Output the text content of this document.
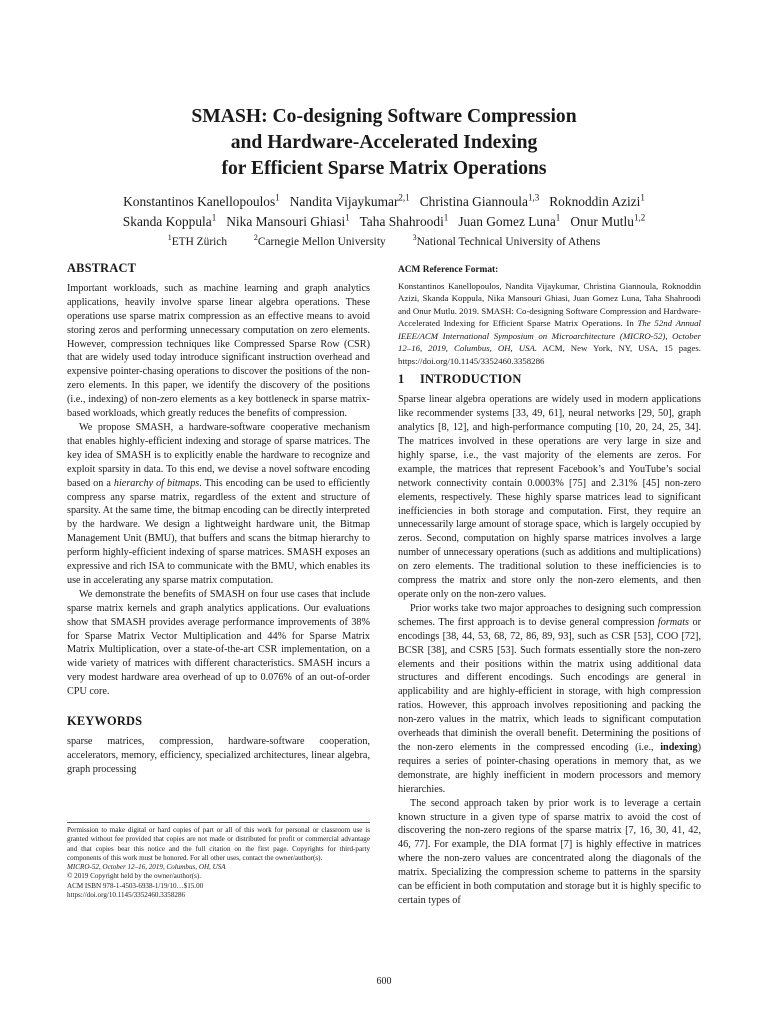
SMASH: Co-designing Software Compression
and Hardware-Accelerated Indexing
for Efficient Sparse Matrix Operations
Konstantinos Kanellopoulos$^1$ Nandita Vijaykumar$^{2,1}$ Christina Giannoula$^{1,3}$ Roknoddin Azizi$^1$
Skanda Koppula$^1$ Nika Mansouri Ghiasi$^1$ Taha Shahroodi$^1$ Juan Gomez Luna$^1$ Onur Mutlu$^{1,2}$
$^1$ETH Zürich	$^2$Carnegie Mellon University	$^3$National Technical University of Athens
ABSTRACT
Important workloads, such as machine learning and graph analytics applications, heavily involve sparse linear algebra operations. These operations use sparse matrix compression as an effective means to avoid storing zeros and performing unnecessary computation on zero elements. However, compression techniques like Compressed Sparse Row (CSR) that are widely used today introduce significant instruction overhead and expensive pointer-chasing operations to discover the positions of the non-zero elements. In this paper, we identify the discovery of the positions (i.e., indexing) of non-zero elements as a key bottleneck in sparse matrix-based workloads, which greatly reduces the benefits of compression.
We propose SMASH, a hardware-software cooperative mechanism that enables highly-efficient indexing and storage of sparse matrices. The key idea of SMASH is to explicitly enable the hardware to recognize and exploit sparsity in data. To this end, we devise a novel software encoding based on a hierarchy of bitmaps. This encoding can be used to efficiently compress any sparse matrix, regardless of the extent and structure of sparsity. At the same time, the bitmap encoding can be directly interpreted by the hardware. We design a lightweight hardware unit, the Bitmap Management Unit (BMU), that buffers and scans the bitmap hierarchy to perform highly-efficient indexing of sparse matrices. SMASH exposes an expressive and rich ISA to communicate with the BMU, which enables its use in accelerating any sparse matrix computation.
We demonstrate the benefits of SMASH on four use cases that include sparse matrix kernels and graph analytics applications. Our evaluations show that SMASH provides average performance improvements of 38% for Sparse Matrix Vector Multiplication and 44% for Sparse Matrix Matrix Multiplication, over a state-of-the-art CSR implementation, on a wide variety of matrices with different characteristics. SMASH incurs a very modest hardware area overhead of up to 0.076% of an out-of-order CPU core.
KEYWORDS
sparse matrices, compression, hardware-software cooperation, accelerators, memory, efficiency, specialized architectures, linear algebra, graph processing
Permission to make digital or hard copies of part or all of this work for personal or classroom use is granted without fee provided that copies are not made or distributed for profit or commercial advantage and that copies bear this notice and the full citation on the first page. Copyrights for third-party components of this work must be honored. For all other uses, contact the owner/author(s).
MICRO-52, October 12–16, 2019, Columbus, OH, USA
© 2019 Copyright held by the owner/author(s).
ACM ISBN 978-1-4503-6938-1/19/10…$15.00
https://doi.org/10.1145/3352460.3358286
ACM Reference Format:
Konstantinos Kanellopoulos, Nandita Vijaykumar, Christina Giannoula, Roknoddin Azizi, Skanda Koppula, Nika Mansouri Ghiasi, Juan Gomez Luna, Taha Shahroodi and Onur Mutlu. 2019. SMASH: Co-designing Software Compression and Hardware-Accelerated Indexing for Efficient Sparse Matrix Operations. In The 52nd Annual IEEE/ACM International Symposium on Microarchitecture (MICRO-52), October 12–16, 2019, Columbus, OH, USA. ACM, New York, NY, USA, 15 pages. https://doi.org/10.1145/3352460.3358286
1 INTRODUCTION
Sparse linear algebra operations are widely used in modern applications like recommender systems [33, 49, 61], neural networks [29, 50], graph analytics [8, 12], and high-performance computing [10, 20, 24, 25, 34]. The matrices involved in these operations are very large in size and highly sparse, i.e., the vast majority of the elements are zeros. For example, the matrices that represent Facebook’s and YouTube’s social network connectivity contain 0.0003% [75] and 2.31% [45] non-zero elements, respectively. These highly sparse matrices lead to significant inefficiencies in both storage and computation. First, they require an unnecessarily large amount of storage space, which is largely occupied by zeros. Second, computation on highly sparse matrices involves a large number of unnecessary operations (such as additions and multiplications) on zero elements. The traditional solution to these inefficiencies is to compress the matrix and store only the non-zero elements, and then operate only on the non-zero values.
Prior works take two major approaches to designing such compression schemes. The first approach is to devise general compression formats or encodings [38, 44, 53, 68, 72, 86, 89, 93], such as CSR [53], COO [72], BCSR [38], and CSR5 [53]. Such formats essentially store the non-zero elements and their positions within the matrix using additional data structures and different encodings. Such encodings are general in applicability and are highly-efficient in storage, with high compression ratios. However, this approach involves repositioning and packing the non-zero values in the matrix, which leads to significant computation overheads that diminish the overall benefit. Determining the positions of the non-zero elements in the compressed encoding (i.e., indexing) requires a series of pointer-chasing operations in memory that, as we demonstrate, are highly inefficient in modern processors and memory hierarchies.
The second approach taken by prior work is to leverage a certain known structure in a given type of sparse matrix to avoid the cost of discovering the non-zero regions of the sparse matrix [7, 16, 30, 41, 42, 46, 77]. For example, the DIA format [7] is highly effective in matrices where the non-zero values are concentrated along the diagonals of the matrix. Specializing the compression scheme to patterns in the sparsity can be efficient in both computation and storage but it is highly specific to certain types of
600
